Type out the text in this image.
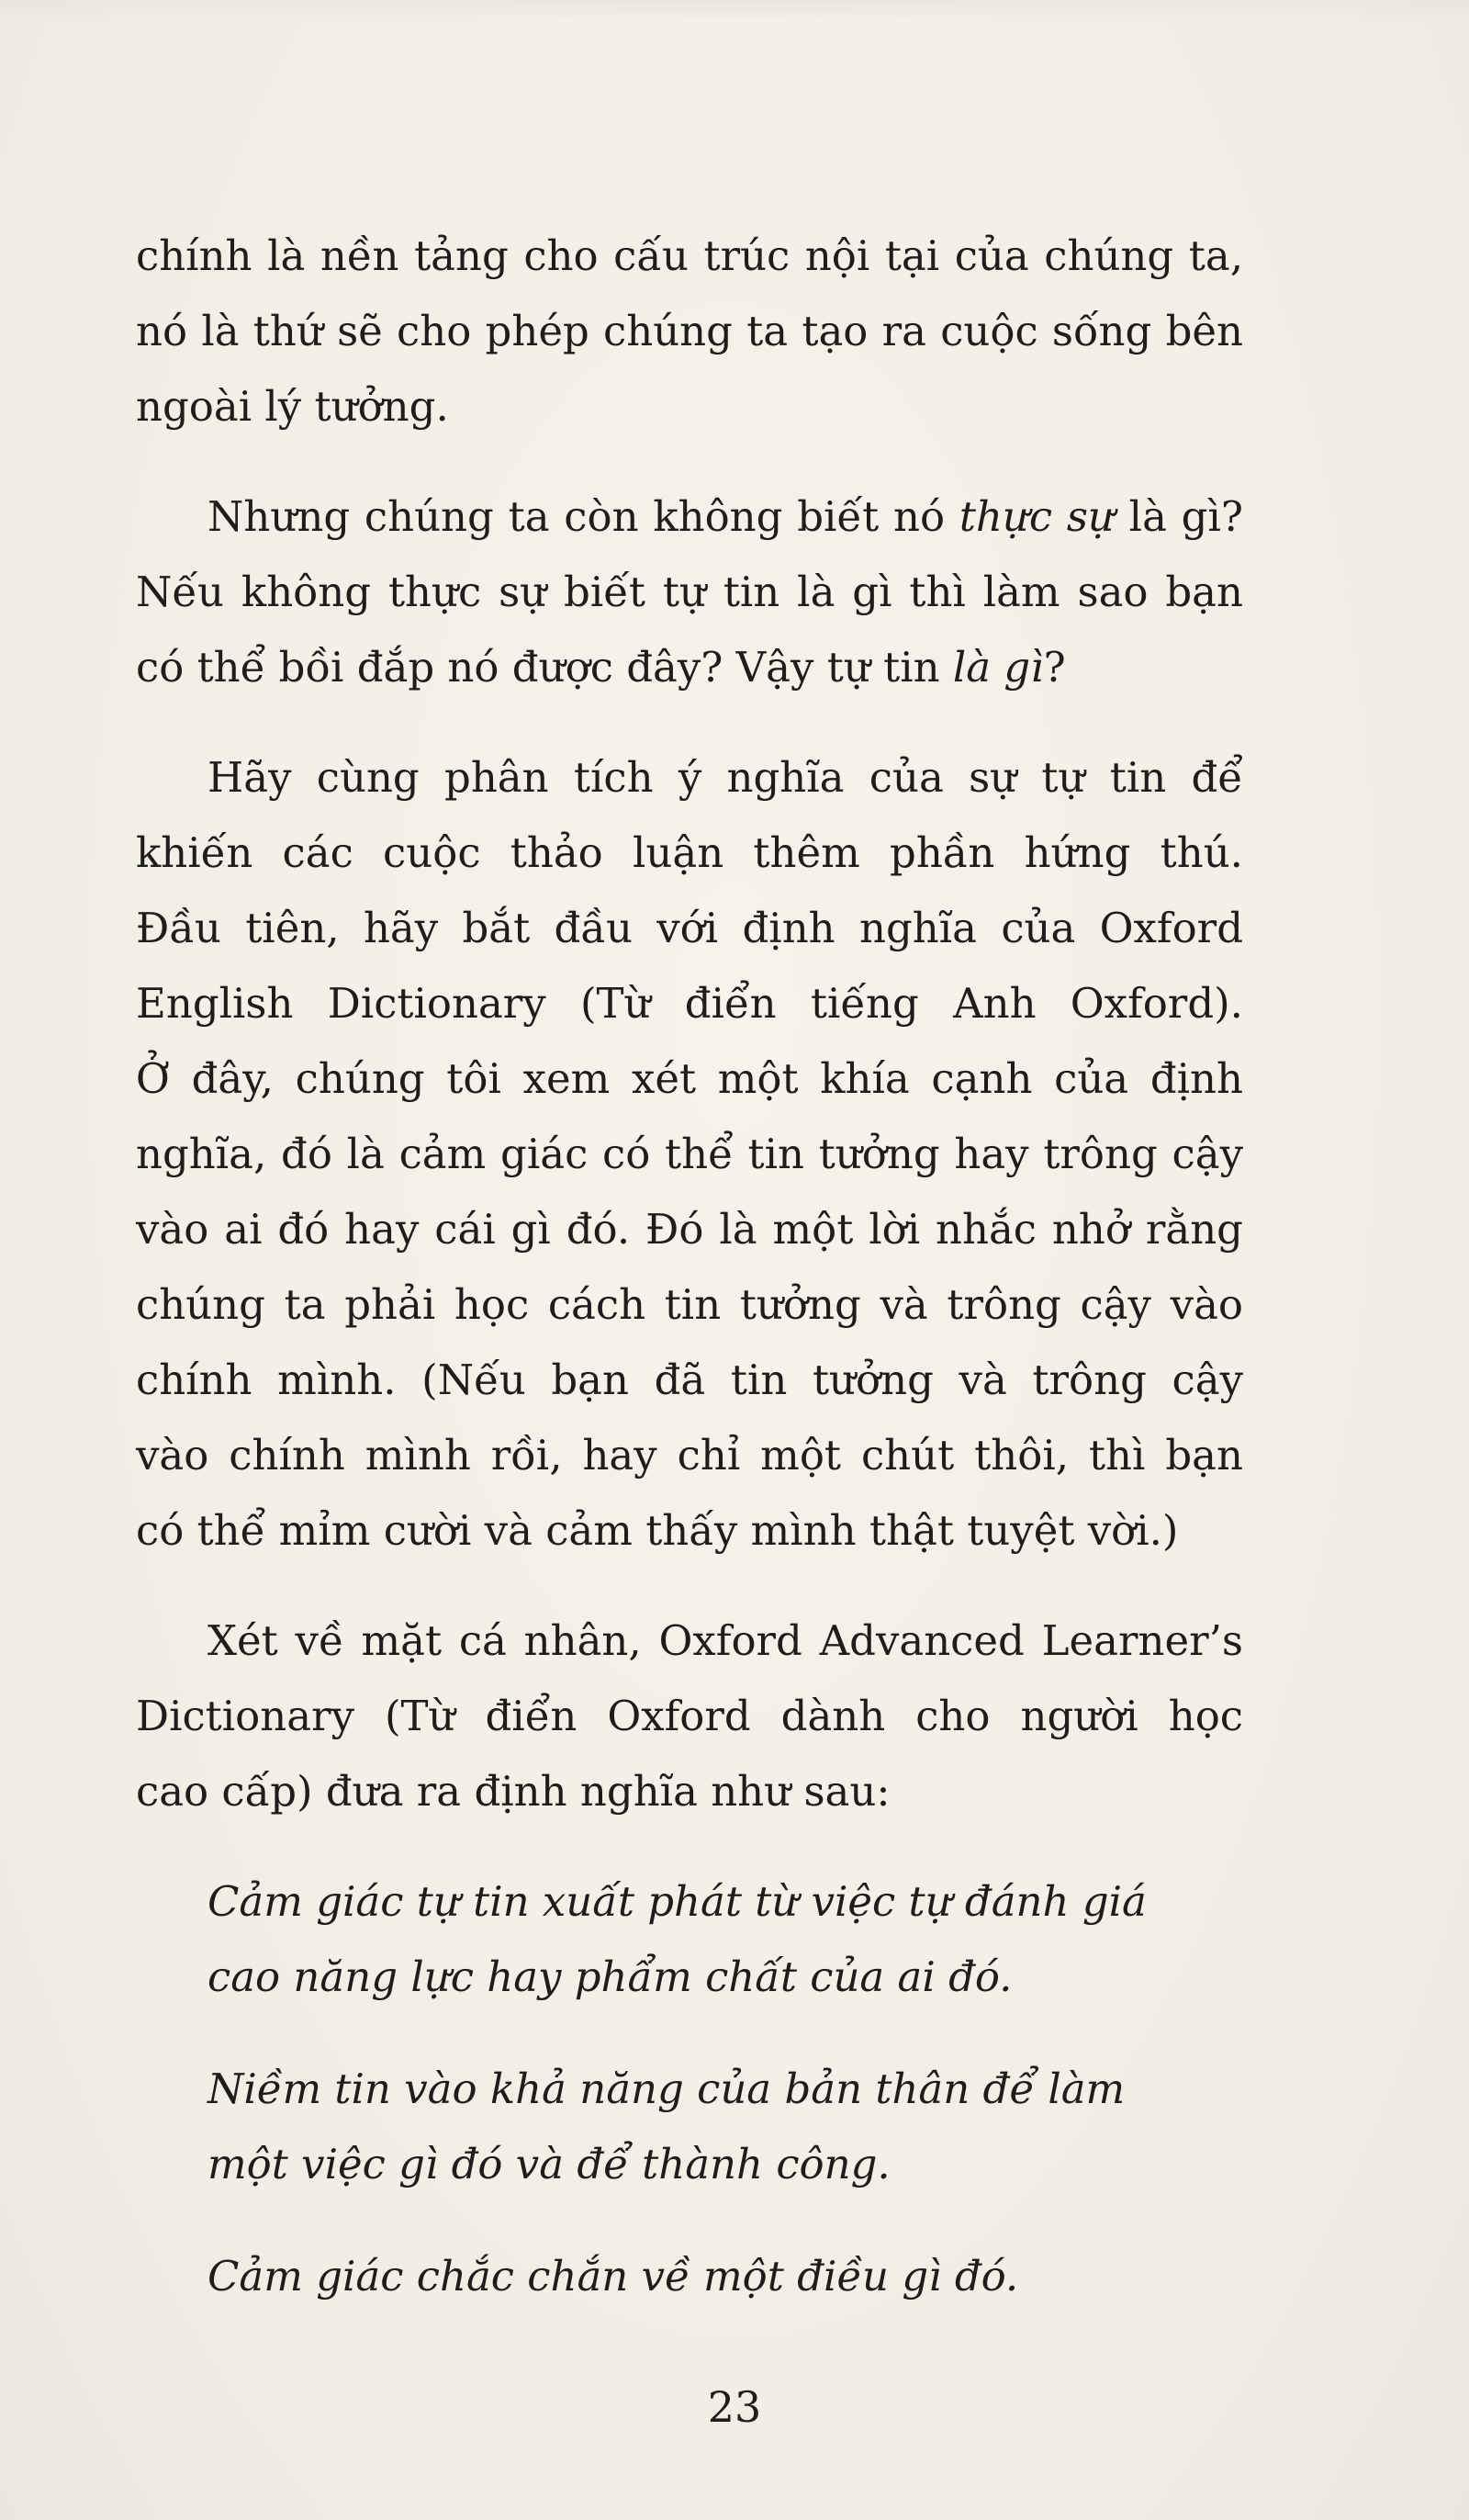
chính là nền tảng cho cấu trúc nội tại của chúng ta,
nó là thứ sẽ cho phép chúng ta tạo ra cuộc sống bên
ngoài lý tưởng.
Nhưng chúng ta còn không biết nó thực sự là gì?
Nếu không thực sự biết tự tin là gì thì làm sao bạn
có thể bồi đắp nó được đây? Vậy tự tin là gì?
Hãy cùng phân tích ý nghĩa của sự tự tin để
khiến các cuộc thảo luận thêm phần hứng thú.
Đầu tiên, hãy bắt đầu với định nghĩa của Oxford
English Dictionary (Từ điển tiếng Anh Oxford).
Ở đây, chúng tôi xem xét một khía cạnh của định
nghĩa, đó là cảm giác có thể tin tưởng hay trông cậy
vào ai đó hay cái gì đó. Đó là một lời nhắc nhở rằng
chúng ta phải học cách tin tưởng và trông cậy vào
chính mình. (Nếu bạn đã tin tưởng và trông cậy
vào chính mình rồi, hay chỉ một chút thôi, thì bạn
có thể mỉm cười và cảm thấy mình thật tuyệt vời.)
Xét về mặt cá nhân, Oxford Advanced Learner’s
Dictionary (Từ điển Oxford dành cho người học
cao cấp) đưa ra định nghĩa như sau:
Cảm giác tự tin xuất phát từ việc tự đánh giá
cao năng lực hay phẩm chất của ai đó.
Niềm tin vào khả năng của bản thân để làm
một việc gì đó và để thành công.
Cảm giác chắc chắn về một điều gì đó.
23
